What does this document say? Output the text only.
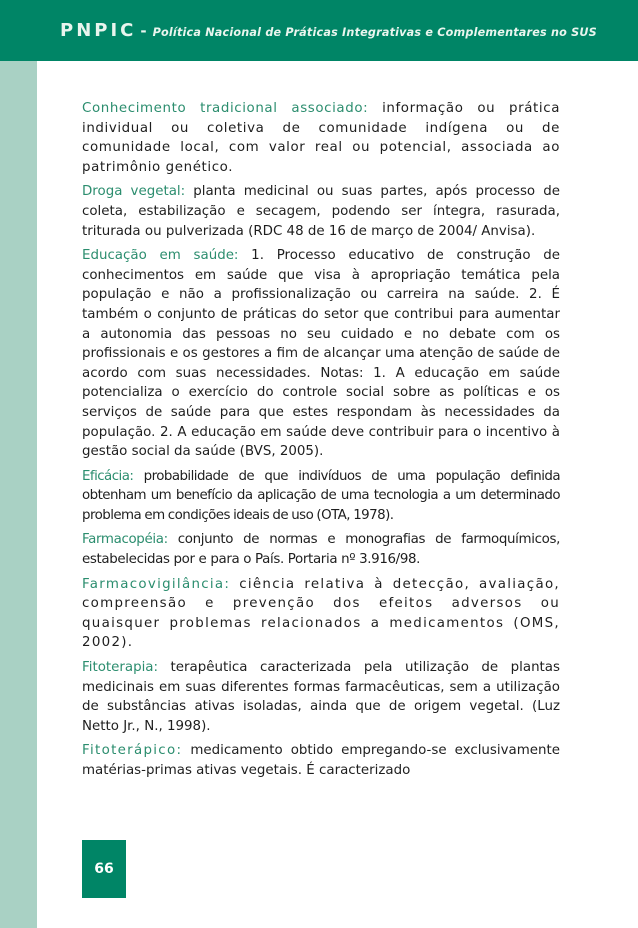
PNPIC - Política Nacional de Práticas Integrativas e Complementares no SUS

Conhecimento tradicional associado: informação ou prática individual ou coletiva de comunidade indígena ou de comunidade local, com valor real ou potencial, associada ao patrimônio genético.

Droga vegetal: planta medicinal ou suas partes, após processo de coleta, estabilização e secagem, podendo ser íntegra, rasurada, triturada ou pulverizada (RDC 48 de 16 de março de 2004/ Anvisa).

Educação em saúde: 1. Processo educativo de construção de conhecimentos em saúde que visa à apropriação temática pela população e não a profissionalização ou carreira na saúde. 2. É também o conjunto de práticas do setor que contribui para aumentar a autonomia das pessoas no seu cuidado e no debate com os profissionais e os gestores a fim de alcançar uma atenção de saúde de acordo com suas necessidades. Notas: 1. A educação em saúde potencializa o exercício do controle social sobre as políticas e os serviços de saúde para que estes respondam às necessidades da população. 2. A educação em saúde deve contribuir para o incentivo à gestão social da saúde (BVS, 2005).

Eficácia: probabilidade de que indivíduos de uma população definida obtenham um benefício da aplicação de uma tecnologia a um determinado problema em condições ideais de uso (OTA, 1978).

Farmacopéia: conjunto de normas e monografias de farmoquímicos, estabelecidas por e para o País. Portaria nº 3.916/98.

Farmacovigilância: ciência relativa à detecção, avaliação, compreensão e prevenção dos efeitos adversos ou quaisquer problemas relacionados a medicamentos (OMS, 2002).

Fitoterapia: terapêutica caracterizada pela utilização de plantas medicinais em suas diferentes formas farmacêuticas, sem a utilização de substâncias ativas isoladas, ainda que de origem vegetal. (Luz Netto Jr., N., 1998).

Fitoterápico: medicamento obtido empregando-se exclusivamente matérias-primas ativas vegetais. É caracterizado

66
